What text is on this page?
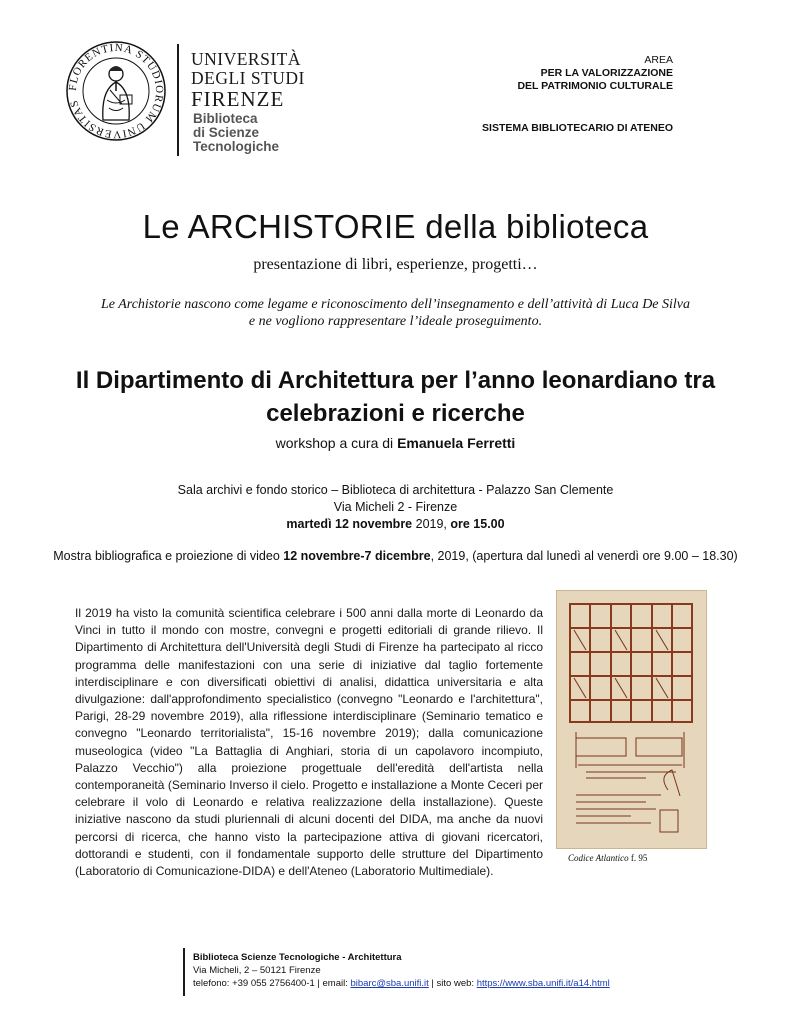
FLORENTINA STUDIORUM UNIVERSITAS
UNIVERSITÀ
DEGLI STUDI
FIRENZE
Biblioteca
di Scienze
Tecnologiche
AREA
PER LA VALORIZZAZIONE
DEL PATRIMONIO CULTURALE
SISTEMA BIBLIOTECARIO DI ATENEO
Le ARCHISTORIE della biblioteca
presentazione di libri, esperienze, progetti…
Le Archistorie nascono come legame e riconoscimento dell’insegnamento e dell’attività di Luca De Silva
e ne vogliono rappresentare l’ideale proseguimento.
Il Dipartimento di Architettura per l’anno leonardiano tra
celebrazioni e ricerche
workshop a cura di Emanuela Ferretti
Sala archivi e fondo storico – Biblioteca di architettura - Palazzo San Clemente
Via Micheli 2 - Firenze
martedì 12 novembre 2019, ore 15.00
Mostra bibliografica e proiezione di video 12 novembre-7 dicembre, 2019, (apertura dal lunedì al venerdì ore 9.00 – 18.30)
Il 2019 ha visto la comunità scientifica celebrare i 500 anni dalla morte di Leonardo da Vinci in tutto il mondo con mostre, convegni e progetti editoriali di grande rilievo. Il Dipartimento di Architettura dell'Università degli Studi di Firenze ha partecipato al ricco programma delle manifestazioni con una serie di iniziative dal taglio fortemente interdisciplinare e con diversificati obiettivi di analisi, didattica universitaria e alta divulgazione: dall'approfondimento specialistico (convegno "Leonardo e l'architettura", Parigi, 28-29 novembre 2019), alla riflessione interdisciplinare (Seminario tematico e convegno "Leonardo territorialista", 15-16 novembre 2019); dalla comunicazione museologica (video "La Battaglia di Anghiari, storia di un capolavoro incompiuto, Palazzo Vecchio") alla proiezione progettuale dell'eredità dell'artista nella contemporaneità (Seminario Inverso il cielo. Progetto e installazione a Monte Ceceri per celebrare il volo di Leonardo e relativa realizzazione della installazione). Queste iniziative nascono da studi pluriennali di alcuni docenti del DIDA, ma anche da nuovi percorsi di ricerca, che hanno visto la partecipazione attiva di giovani ricercatori, dottorandi e studenti, con il fondamentale supporto delle strutture del Dipartimento (Laboratorio di Comunicazione-DIDA) e dell'Ateneo (Laboratorio Multimediale).
Codice Atlantico f. 95
Biblioteca Scienze Tecnologiche - Architettura
Via Micheli, 2 – 50121 Firenze
telefono: +39 055 2756400-1 | email: bibarc@sba.unifi.it | sito web: https://www.sba.unifi.it/a14.html
